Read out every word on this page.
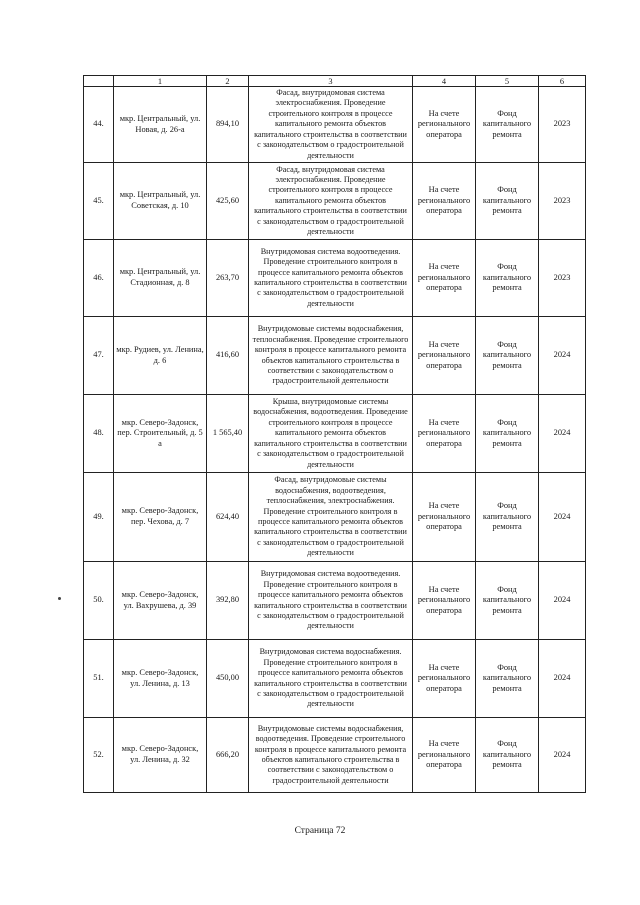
	1	2	3	4	5	6
44.	мкр. Центральный, ул. Новая, д. 26-а	894,10	Фасад, внутридомовая система электроснабжения. Проведение строительного контроля в процессе капитального ремонта объектов капитального строительства в соответствии с законодательством о градостроительной деятельности	На счете регионального оператора	Фонд капитального ремонта	2023
45.	мкр. Центральный, ул. Советская, д. 10	425,60	Фасад, внутридомовая система электроснабжения. Проведение строительного контроля в процессе капитального ремонта объектов капитального строительства в соответствии с законодательством о градостроительной деятельности	На счете регионального оператора	Фонд капитального ремонта	2023
46.	мкр. Центральный, ул. Стадионная, д. 8	263,70	Внутридомовая система водоотведения. Проведение строительного контроля в процессе капитального ремонта объектов капитального строительства в соответствии с законодательством о градостроительной деятельности	На счете регионального оператора	Фонд капитального ремонта	2023
47.	мкр. Рудиев, ул. Ленина, д. 6	416,60	Внутридомовые системы водоснабжения, теплоснабжения. Проведение строительного контроля в процессе капитального ремонта объектов капитального строительства в соответствии с законодательством о градостроительной деятельности	На счете регионального оператора	Фонд капитального ремонта	2024
48.	мкр. Северо-Задонск, пер. Строительный, д. 5 а	1 565,40	Крыша, внутридомовые системы водоснабжения, водоотведения. Проведение строительного контроля в процессе капитального ремонта объектов капитального строительства в соответствии с законодательством о градостроительной деятельности	На счете регионального оператора	Фонд капитального ремонта	2024
49.	мкр. Северо-Задонск, пер. Чехова, д. 7	624,40	Фасад, внутридомовые системы водоснабжения, водоотведения, теплоснабжения, электроснабжения. Проведение строительного контроля в процессе капитального ремонта объектов капитального строительства в соответствии с законодательством о градостроительной деятельности	На счете регионального оператора	Фонд капитального ремонта	2024
50.	мкр. Северо-Задонск, ул. Вахрушева, д. 39	392,80	Внутридомовая система водоотведения. Проведение строительного контроля в процессе капитального ремонта объектов капитального строительства в соответствии с законодательством о градостроительной деятельности	На счете регионального оператора	Фонд капитального ремонта	2024
51.	мкр. Северо-Задонск, ул. Ленина, д. 13	450,00	Внутридомовая система водоснабжения. Проведение строительного контроля в процессе капитального ремонта объектов капитального строительства в соответствии с законодательством о градостроительной деятельности	На счете регионального оператора	Фонд капитального ремонта	2024
52.	мкр. Северо-Задонск, ул. Ленина, д. 32	666,20	Внутридомовые системы водоснабжения, водоотведения. Проведение строительного контроля в процессе капитального ремонта объектов капитального строительства в соответствии с законодательством о градостроительной деятельности	На счете регионального оператора	Фонд капитального ремонта	2024
Страница 72
